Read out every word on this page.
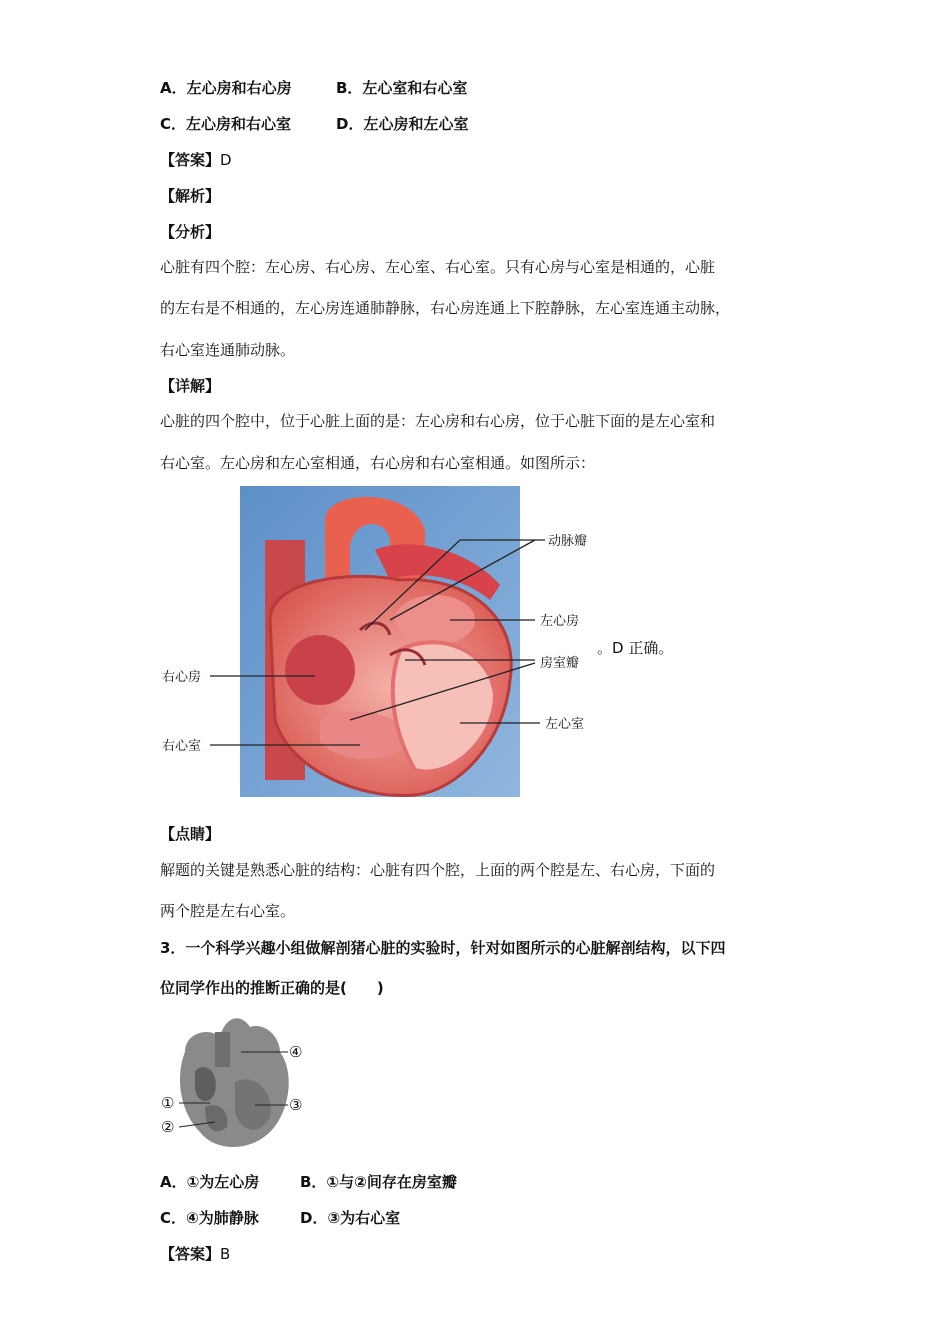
A．左心房和右心房	B．左心室和右心室
C．左心房和右心室	D．左心房和左心室
【答案】D
【解析】
【分析】
心脏有四个腔：左心房、右心房、左心室、右心室。只有心房与心室是相通的，心脏
的左右是不相通的，左心房连通肺静脉，右心房连通上下腔静脉，左心室连通主动脉，
右心室连通肺动脉。
【详解】
心脏的四个腔中，位于心脏上面的是：左心房和右心房，位于心脏下面的是左心室和
右心室。左心房和左心室相通，右心房和右心室相通。如图所示：
动脉瓣
左心房
房室瓣
右心房
左心室
右心室
。D 正确。
【点睛】
解题的关键是熟悉心脏的结构：心脏有四个腔，上面的两个腔是左、右心房，下面的
两个腔是左右心室。
3．一个科学兴趣小组做解剖猪心脏的实验时，针对如图所示的心脏解剖结构，以下四
位同学作出的推断正确的是(　　)
④
①
②
③
A．①为左心房	B．①与②间存在房室瓣
C．④为肺静脉	D．③为右心室
【答案】B
